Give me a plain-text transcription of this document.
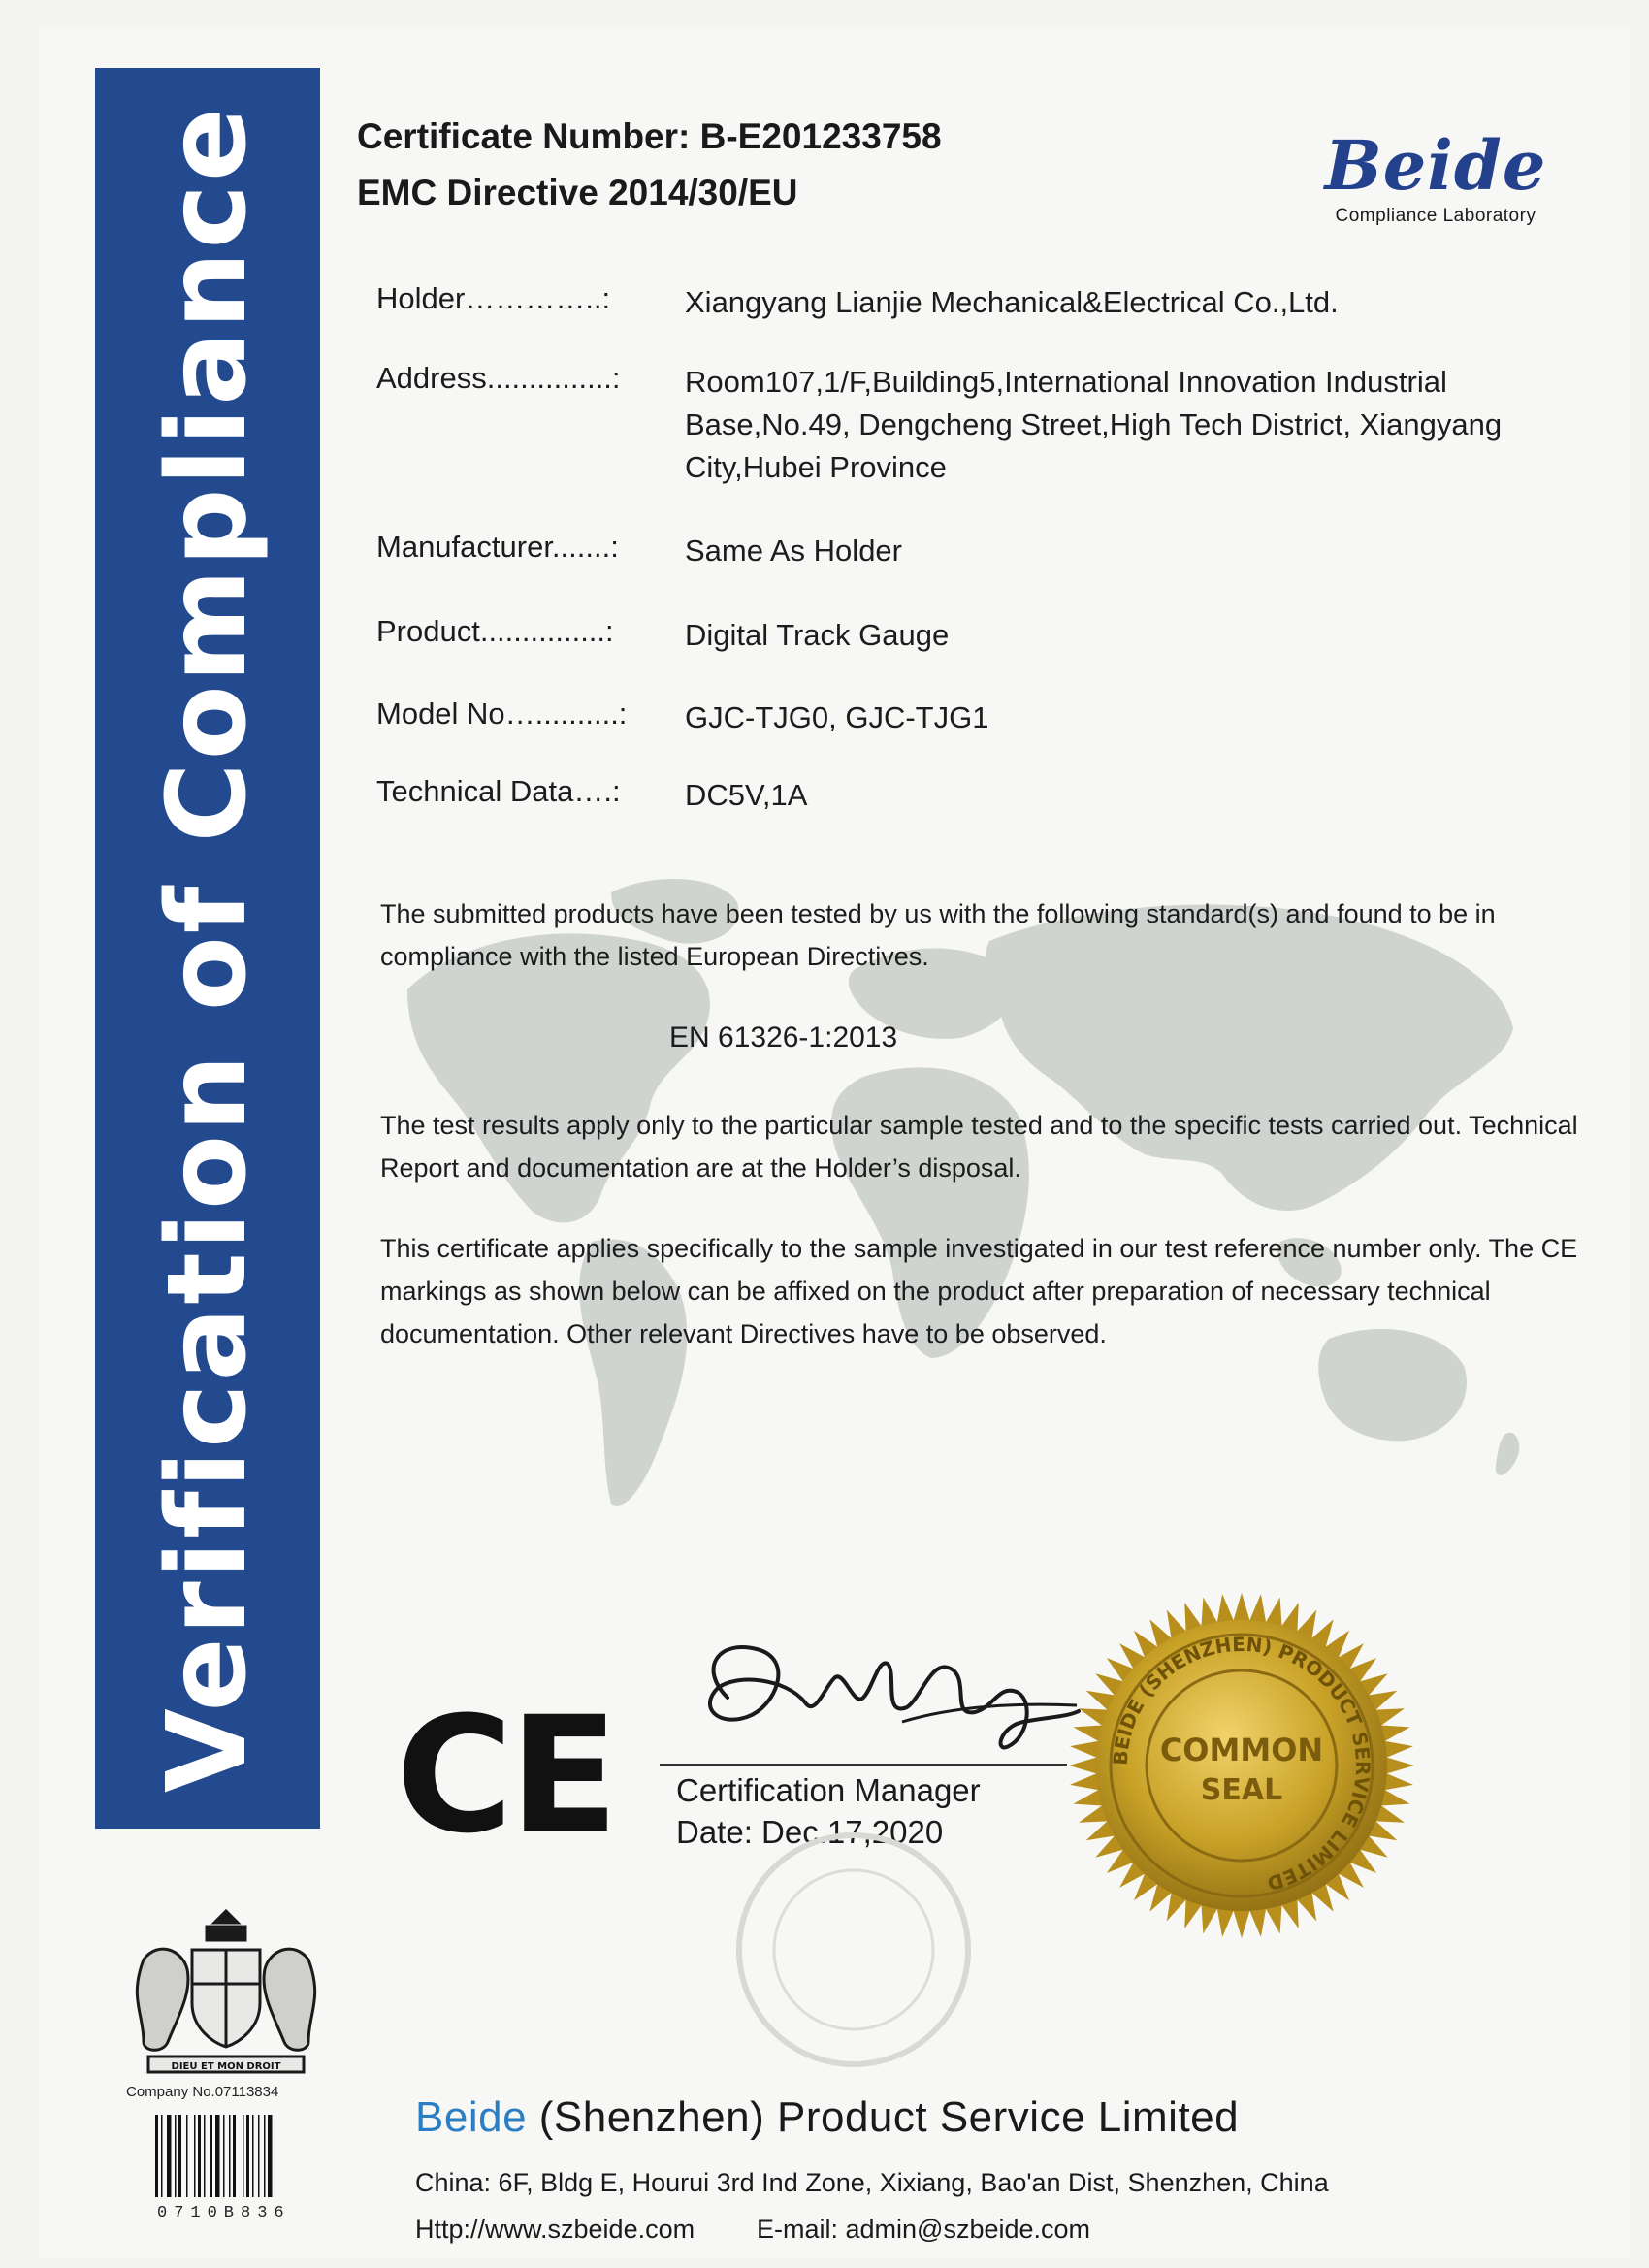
Verification of Compliance Certificate Number: B-E201233758
EMC Directive 2014/30/EU	Beide
Compliance Laboratory
Holder…………..: Xiangyang Lianjie Mechanical&Electrical Co.,Ltd.
Address...............: Room107,1/F,Building5,International Innovation Industrial Base,No.49, Dengcheng Street,High Tech District, Xiangyang City,Hubei Province
Manufacturer.......: Same As Holder
Product...............: Digital Track Gauge
Model No…..........: GJC-TJG0, GJC-TJG1
Technical Data….: DC5V,1A
The submitted products have been tested by us with the following standard(s) and found to be in compliance with the listed European Directives.
EN 61326-1:2013
The test results apply only to the particular sample tested and to the specific tests carried out. Technical Report and documentation are at the Holder’s disposal.
This certificate applies specifically to the sample investigated in our test reference number only. The CE markings as shown below can be affixed on the product after preparation of necessary technical documentation. Other relevant Directives have to be observed.
CE Certification Manager
Date: Dec.17,2020
BEIDE (SHENZHEN) PRODUCT SERVICE LIMITED
COMMON
SEAL
DIEU ET MON DROIT
Company No.07113834
0710B836
Beide (Shenzhen) Product Service Limited
China: 6F, Bldg E, Hourui 3rd Ind Zone, Xixiang, Bao'an Dist, Shenzhen, China
Http://www.szbeide.com E-mail: admin@szbeide.com
